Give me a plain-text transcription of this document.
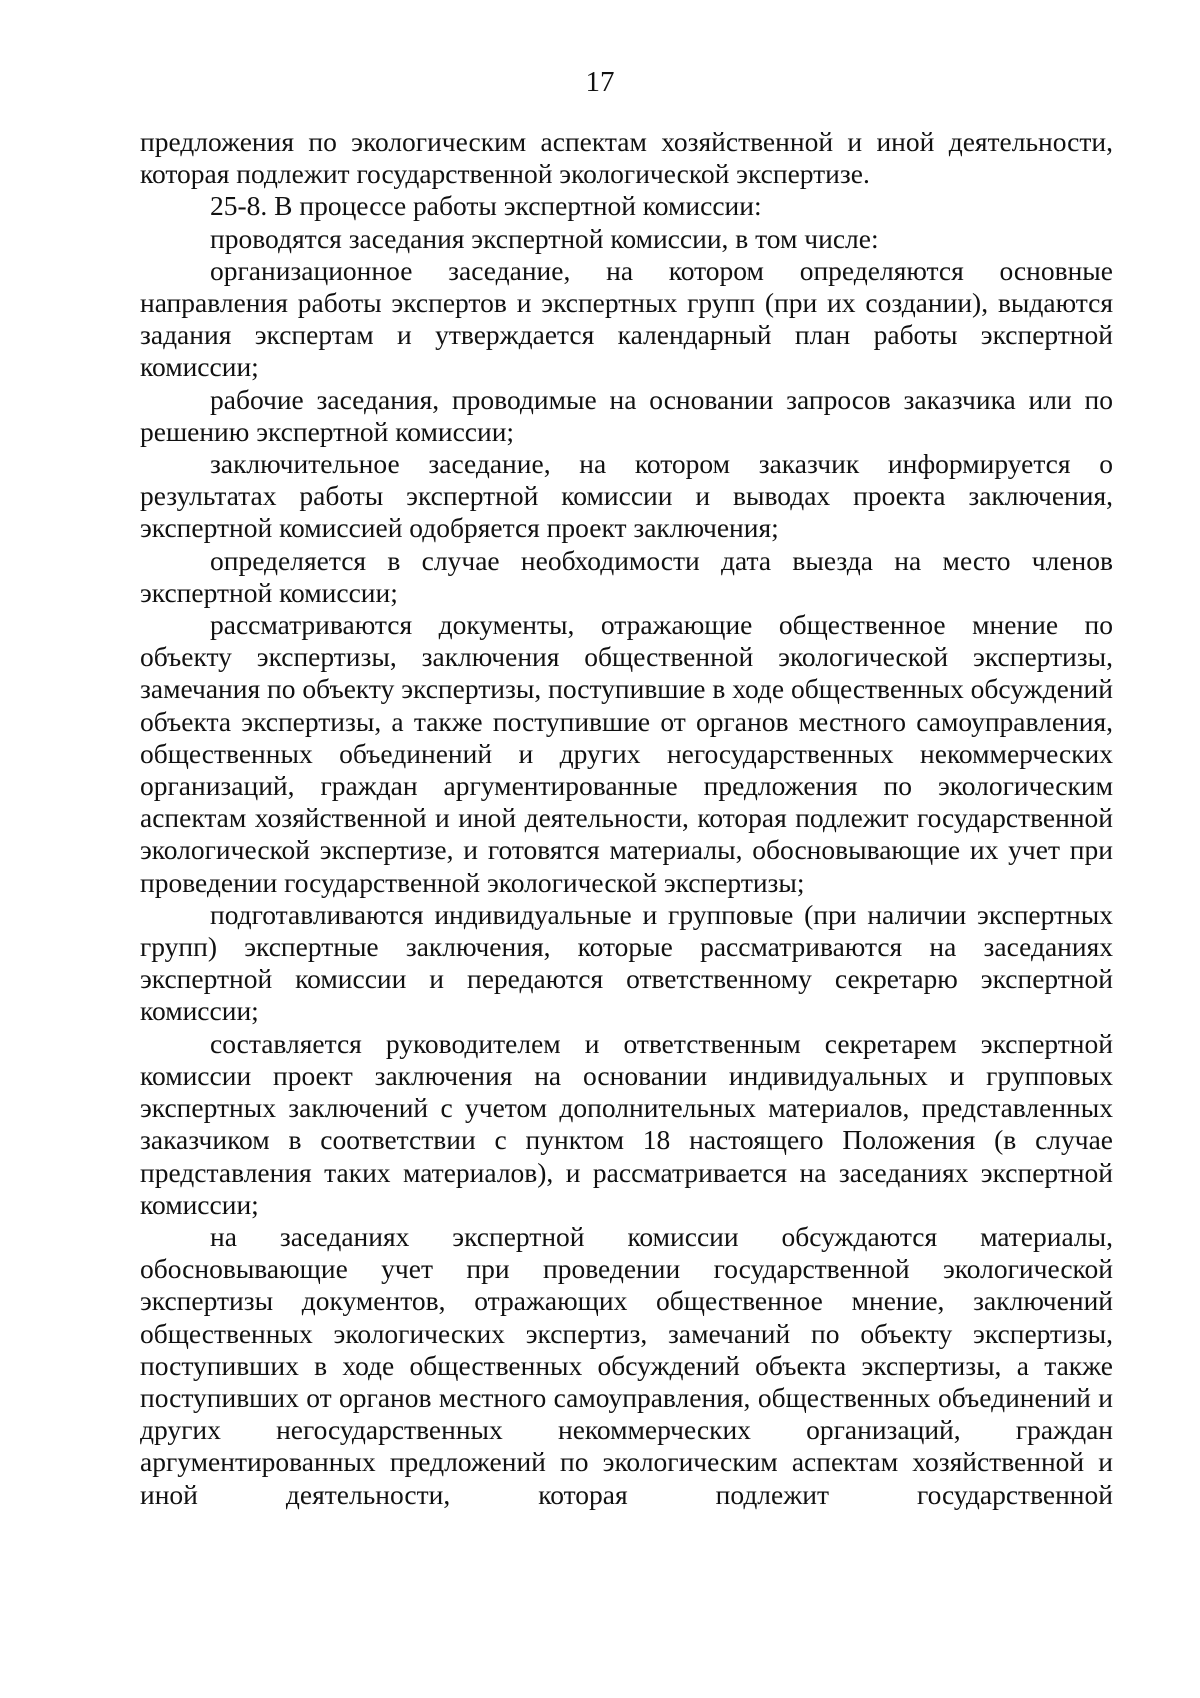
17

предложения по экологическим аспектам хозяйственной и иной деятельности, которая подлежит государственной экологической экспертизе.

25-8. В процессе работы экспертной комиссии:

проводятся заседания экспертной комиссии, в том числе:

организационное заседание, на котором определяются основные направления работы экспертов и экспертных групп (при их создании), выдаются задания экспертам и утверждается календарный план работы экспертной комиссии;

рабочие заседания, проводимые на основании запросов заказчика или по решению экспертной комиссии;

заключительное заседание, на котором заказчик информируется о результатах работы экспертной комиссии и выводах проекта заключения, экспертной комиссией одобряется проект заключения;

определяется в случае необходимости дата выезда на место членов экспертной комиссии;

рассматриваются документы, отражающие общественное мнение по объекту экспертизы, заключения общественной экологической экспертизы, замечания по объекту экспертизы, поступившие в ходе общественных обсуждений объекта экспертизы, а также поступившие от органов местного самоуправления, общественных объединений и других негосударственных некоммерческих организаций, граждан аргументированные предложения по экологическим аспектам хозяйственной и иной деятельности, которая подлежит государственной экологической экспертизе, и готовятся материалы, обосновывающие их учет при проведении государственной экологической экспертизы;

подготавливаются индивидуальные и групповые (при наличии экспертных групп) экспертные заключения, которые рассматриваются на заседаниях экспертной комиссии и передаются ответственному секретарю экспертной комиссии;

составляется руководителем и ответственным секретарем экспертной комиссии проект заключения на основании индивидуальных и групповых экспертных заключений с учетом дополнительных материалов, представленных заказчиком в соответствии с пунктом 18 настоящего Положения (в случае представления таких материалов), и рассматривается на заседаниях экспертной комиссии;

на заседаниях экспертной комиссии обсуждаются материалы, обосновывающие учет при проведении государственной экологической экспертизы документов, отражающих общественное мнение, заключений общественных экологических экспертиз, замечаний по объекту экспертизы, поступивших в ходе общественных обсуждений объекта экспертизы, а также поступивших от органов местного самоуправления, общественных объединений и других негосударственных некоммерческих организаций, граждан аргументированных предложений по экологическим аспектам хозяйственной и иной деятельности, которая подлежит государственной
